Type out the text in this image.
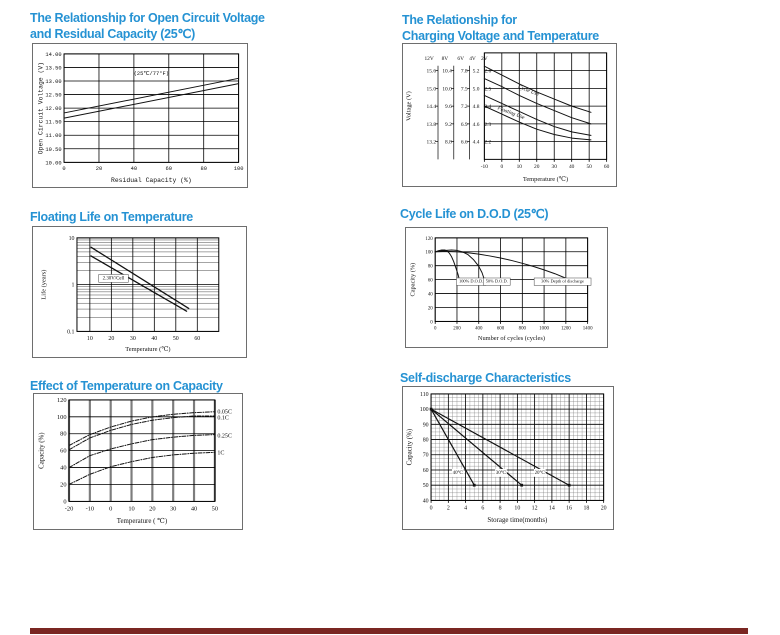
The Relationship for Open Circuit Voltage
and Residual Capacity (25℃)
0	20	40	60	80	100
14.00
13.50
13.00
12.50
12.00
11.50
11.00
10.50
10.00
(25℃/77°F)
Residual Capacity (%)
Open Circuit Voltage (V)
The Relationship for
Charging Voltage and Temperature
-10 0 10 20 30 40 50 60
Cycle Use
Floating Use
Temperature (℃)
Voltage (V)
12V 8V 6V 4V 2V
15.6 10.4 7.8 5.2 2.6
15.0 10.0 7.5 5.0 2.5
14.4 9.6 7.2 4.8 2.4
13.8 9.2 6.9 4.6 2.3
13.2 8.8 6.6 4.4 2.2
Floating Life on Temperature
10	20	30	40	50	60
10
1
0.1
2.30V/Cell
Temperature (℃)
Life (years)
Cycle Life on D.O.D (25℃)
0	200	400	600	800	1000 1200 1400
120
100
80
60
40
20
0
100% D.O.D. 50% D.O.D.	30% Depth of discharge
Number of cycles (cycles)
Capacity (%)
Effect of Temperature on Capacity
-20 -10 0 10 20 30 40 50
120
100
80
60
40
20
0
0.05C
0.1C
0.25C
1C
Temperature ( ℃)
Capacity (%)
Self-discharge Characteristics
0 2 4 6 8 10 12 14 16 18 20
110
100
90
80
70
60
50
40
40℃	30℃	20℃
Storage time(months)
Capacity (%)
